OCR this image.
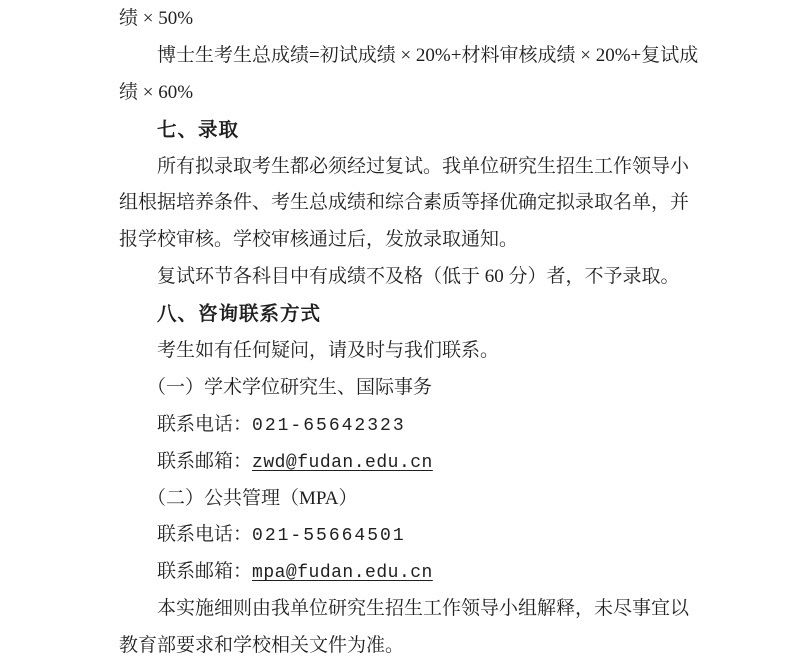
绩 × 50%
博士生考生总成绩=初试成绩 × 20%+材料审核成绩 × 20%+复试成
绩 × 60%
七、录取
所有拟录取考生都必须经过复试。我单位研究生招生工作领导小
组根据培养条件、考生总成绩和综合素质等择优确定拟录取名单，并
报学校审核。学校审核通过后，发放录取通知。
复试环节各科目中有成绩不及格（低于 60 分）者，不予录取。
八、咨询联系方式
考生如有任何疑问，请及时与我们联系。
（一）学术学位研究生、国际事务
联系电话：021-65642323
联系邮箱：zwd@fudan.edu.cn
（二）公共管理（MPA）
联系电话：021-55664501
联系邮箱：mpa@fudan.edu.cn
本实施细则由我单位研究生招生工作领导小组解释，未尽事宜以
教育部要求和学校相关文件为准。
